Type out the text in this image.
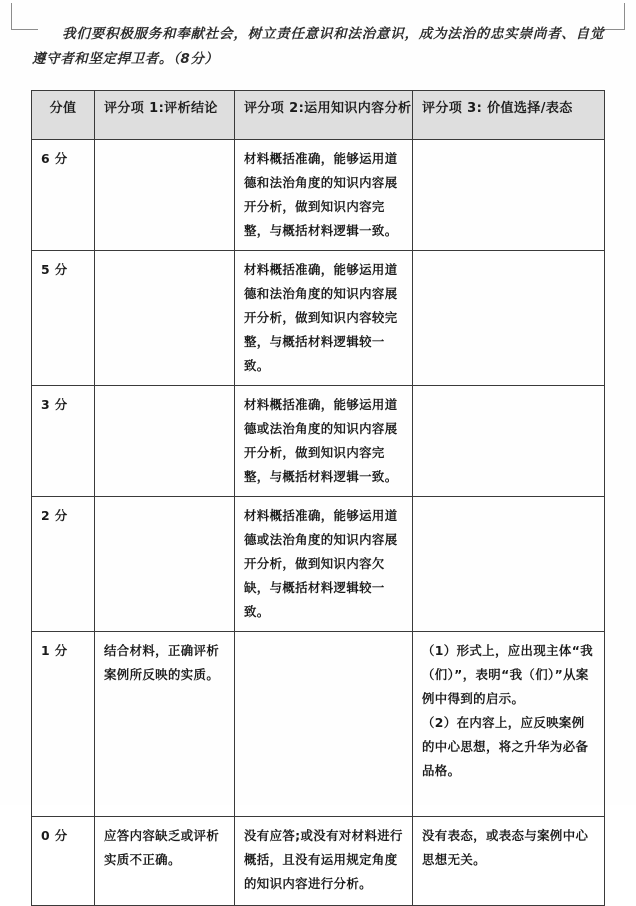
我们要积极服务和奉献社会，树立责任意识和法治意识，成为法治的忠实崇尚者、自觉遵守者和坚定捍卫者。（8分）
分值	评分项 1:评析结论	评分项 2:运用知识内容分析	评分项 3: 价值选择/表态
6 分		材料概括准确，能够运用道德和法治角度的知识内容展开分析，做到知识内容完整，与概括材料逻辑一致。	
5 分		材料概括准确，能够运用道德和法治角度的知识内容展开分析，做到知识内容较完整，与概括材料逻辑较一致。	
3 分		材料概括准确，能够运用道德或法治角度的知识内容展开分析，做到知识内容完整，与概括材料逻辑一致。	
2 分		材料概括准确，能够运用道德或法治角度的知识内容展开分析，做到知识内容欠缺，与概括材料逻辑较一致。	
1 分	结合材料，正确评析案例所反映的实质。		（1）形式上，应出现主体“我（们）”，表明“我（们）”从案例中得到的启示。

（2）在内容上，应反映案例的中心思想，将之升华为必备品格。

0 分	应答内容缺乏或评析实质不正确。	没有应答;或没有对材料进行概括，且没有运用规定角度的知识内容进行分析。	没有表态，或表态与案例中心思想无关。
